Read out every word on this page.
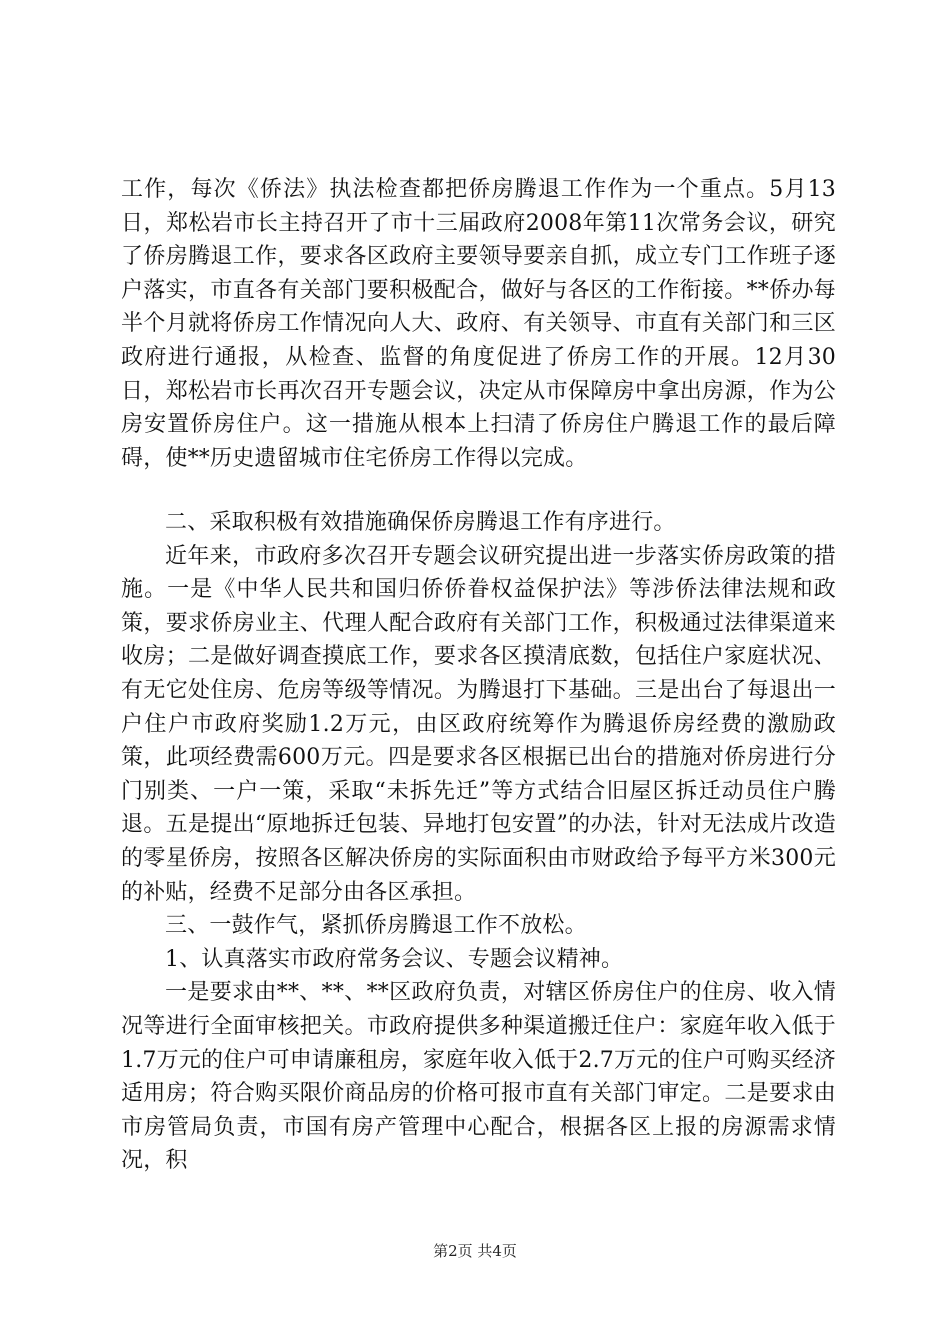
工作，每次《侨法》执法检查都把侨房腾退工作作为一个重点。5月13日，郑松岩市长主持召开了市十三届政府2008年第11次常务会议，研究了侨房腾退工作，要求各区政府主要领导要亲自抓，成立专门工作班子逐户落实，市直各有关部门要积极配合，做好与各区的工作衔接。**侨办每半个月就将侨房工作情况向人大、政府、有关领导、市直有关部门和三区政府进行通报，从检查、监督的角度促进了侨房工作的开展。12月30日，郑松岩市长再次召开专题会议，决定从市保障房中拿出房源，作为公房安置侨房住户。这一措施从根本上扫清了侨房住户腾退工作的最后障碍，使**历史遗留城市住宅侨房工作得以完成。

二、采取积极有效措施确保侨房腾退工作有序进行。

近年来，市政府多次召开专题会议研究提出进一步落实侨房政策的措施。一是《中华人民共和国归侨侨眷权益保护法》等涉侨法律法规和政策，要求侨房业主、代理人配合政府有关部门工作，积极通过法律渠道来收房；二是做好调查摸底工作，要求各区摸清底数，包括住户家庭状况、有无它处住房、危房等级等情况。为腾退打下基础。三是出台了每退出一户住户市政府奖励1.2万元，由区政府统筹作为腾退侨房经费的激励政策，此项经费需600万元。四是要求各区根据已出台的措施对侨房进行分门别类、一户一策，采取“未拆先迁”等方式结合旧屋区拆迁动员住户腾退。五是提出“原地拆迁包装、异地打包安置”的办法，针对无法成片改造的零星侨房，按照各区解决侨房的实际面积由市财政给予每平方米300元的补贴，经费不足部分由各区承担。

三、一鼓作气，紧抓侨房腾退工作不放松。

1、认真落实市政府常务会议、专题会议精神。

一是要求由**、**、**区政府负责，对辖区侨房住户的住房、收入情况等进行全面审核把关。市政府提供多种渠道搬迁住户：家庭年收入低于1.7万元的住户可申请廉租房，家庭年收入低于2.7万元的住户可购买经济适用房；符合购买限价商品房的价格可报市直有关部门审定。二是要求由市房管局负责，市国有房产管理中心配合，根据各区上报的房源需求情况，积

第2页 共4页
